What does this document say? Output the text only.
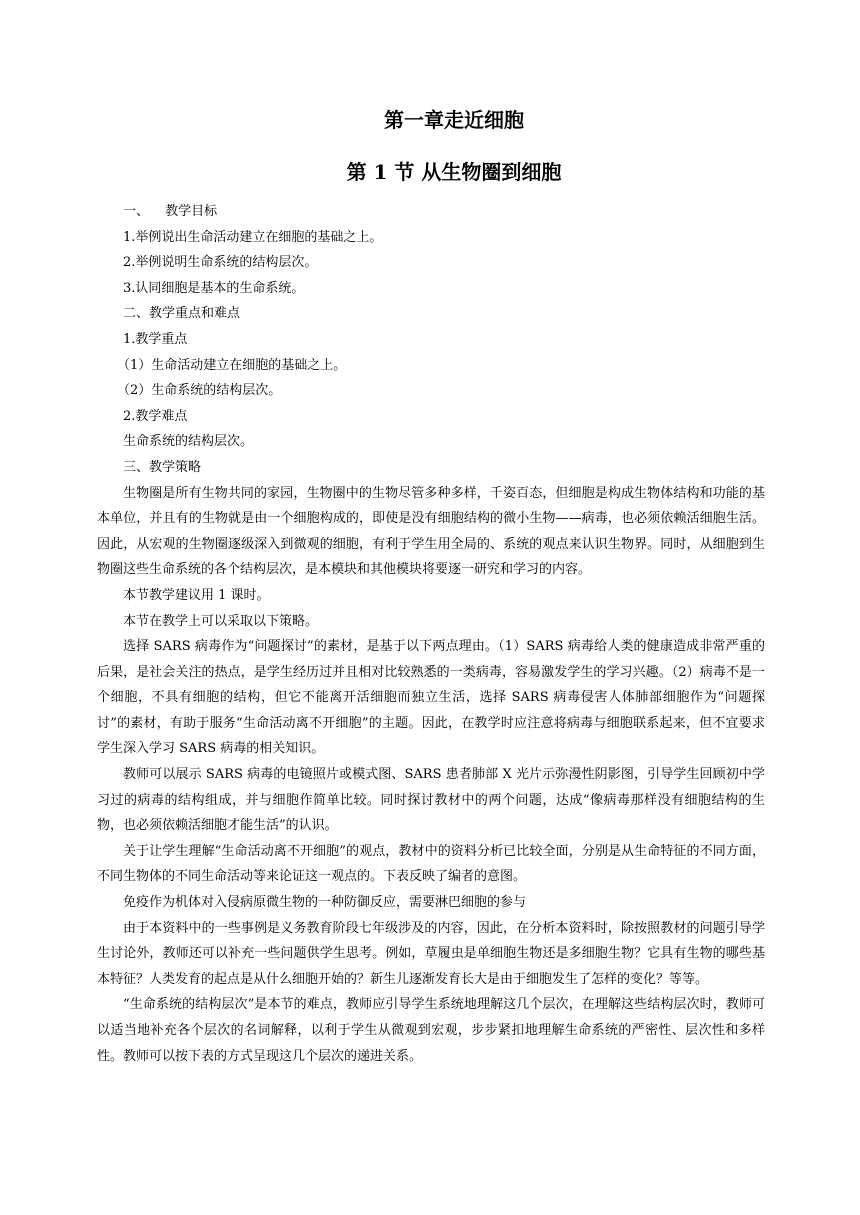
第一章走近细胞
第 1 节 从生物圈到细胞

一、 教学目标

1.举例说出生命活动建立在细胞的基础之上。

2.举例说明生命系统的结构层次。

3.认同细胞是基本的生命系统。

二、教学重点和难点

1.教学重点

（1）生命活动建立在细胞的基础之上。

（2）生命系统的结构层次。

2.教学难点

生命系统的结构层次。

三、教学策略

生物圈是所有生物共同的家园，生物圈中的生物尽管多种多样，千姿百态，但细胞是构成生物体结构和功能的基本单位，并且有的生物就是由一个细胞构成的，即使是没有细胞结构的微小生物——病毒，也必须依赖活细胞生活。因此，从宏观的生物圈逐级深入到微观的细胞，有利于学生用全局的、系统的观点来认识生物界。同时，从细胞到生物圈这些生命系统的各个结构层次，是本模块和其他模块将要逐一研究和学习的内容。

本节教学建议用 1 课时。

本节在教学上可以采取以下策略。

选择 SARS 病毒作为“问题探讨”的素材，是基于以下两点理由。（1）SARS 病毒给人类的健康造成非常严重的后果，是社会关注的热点，是学生经历过并且相对比较熟悉的一类病毒，容易激发学生的学习兴趣。（2）病毒不是一个细胞，不具有细胞的结构，但它不能离开活细胞而独立生活，选择 SARS 病毒侵害人体肺部细胞作为“问题探讨”的素材，有助于服务“生命活动离不开细胞”的主题。因此，在教学时应注意将病毒与细胞联系起来，但不宜要求学生深入学习 SARS 病毒的相关知识。

教师可以展示 SARS 病毒的电镜照片或模式图、SARS 患者肺部 X 光片示弥漫性阴影图，引导学生回顾初中学习过的病毒的结构组成，并与细胞作简单比较。同时探讨教材中的两个问题，达成“像病毒那样没有细胞结构的生物，也必须依赖活细胞才能生活”的认识。

关于让学生理解“生命活动离不开细胞”的观点，教材中的资料分析已比较全面，分别是从生命特征的不同方面，不同生物体的不同生命活动等来论证这一观点的。下表反映了编者的意图。

免疫作为机体对入侵病原微生物的一种防御反应，需要淋巴细胞的参与

由于本资料中的一些事例是义务教育阶段七年级涉及的内容，因此，在分析本资料时，除按照教材的问题引导学生讨论外，教师还可以补充一些问题供学生思考。例如，草履虫是单细胞生物还是多细胞生物？它具有生物的哪些基本特征？人类发育的起点是从什么细胞开始的？新生儿逐渐发育长大是由于细胞发生了怎样的变化？等等。

“生命系统的结构层次”是本节的难点，教师应引导学生系统地理解这几个层次，在理解这些结构层次时，教师可以适当地补充各个层次的名词解释，以利于学生从微观到宏观，步步紧扣地理解生命系统的严密性、层次性和多样性。教师可以按下表的方式呈现这几个层次的递进关系。
